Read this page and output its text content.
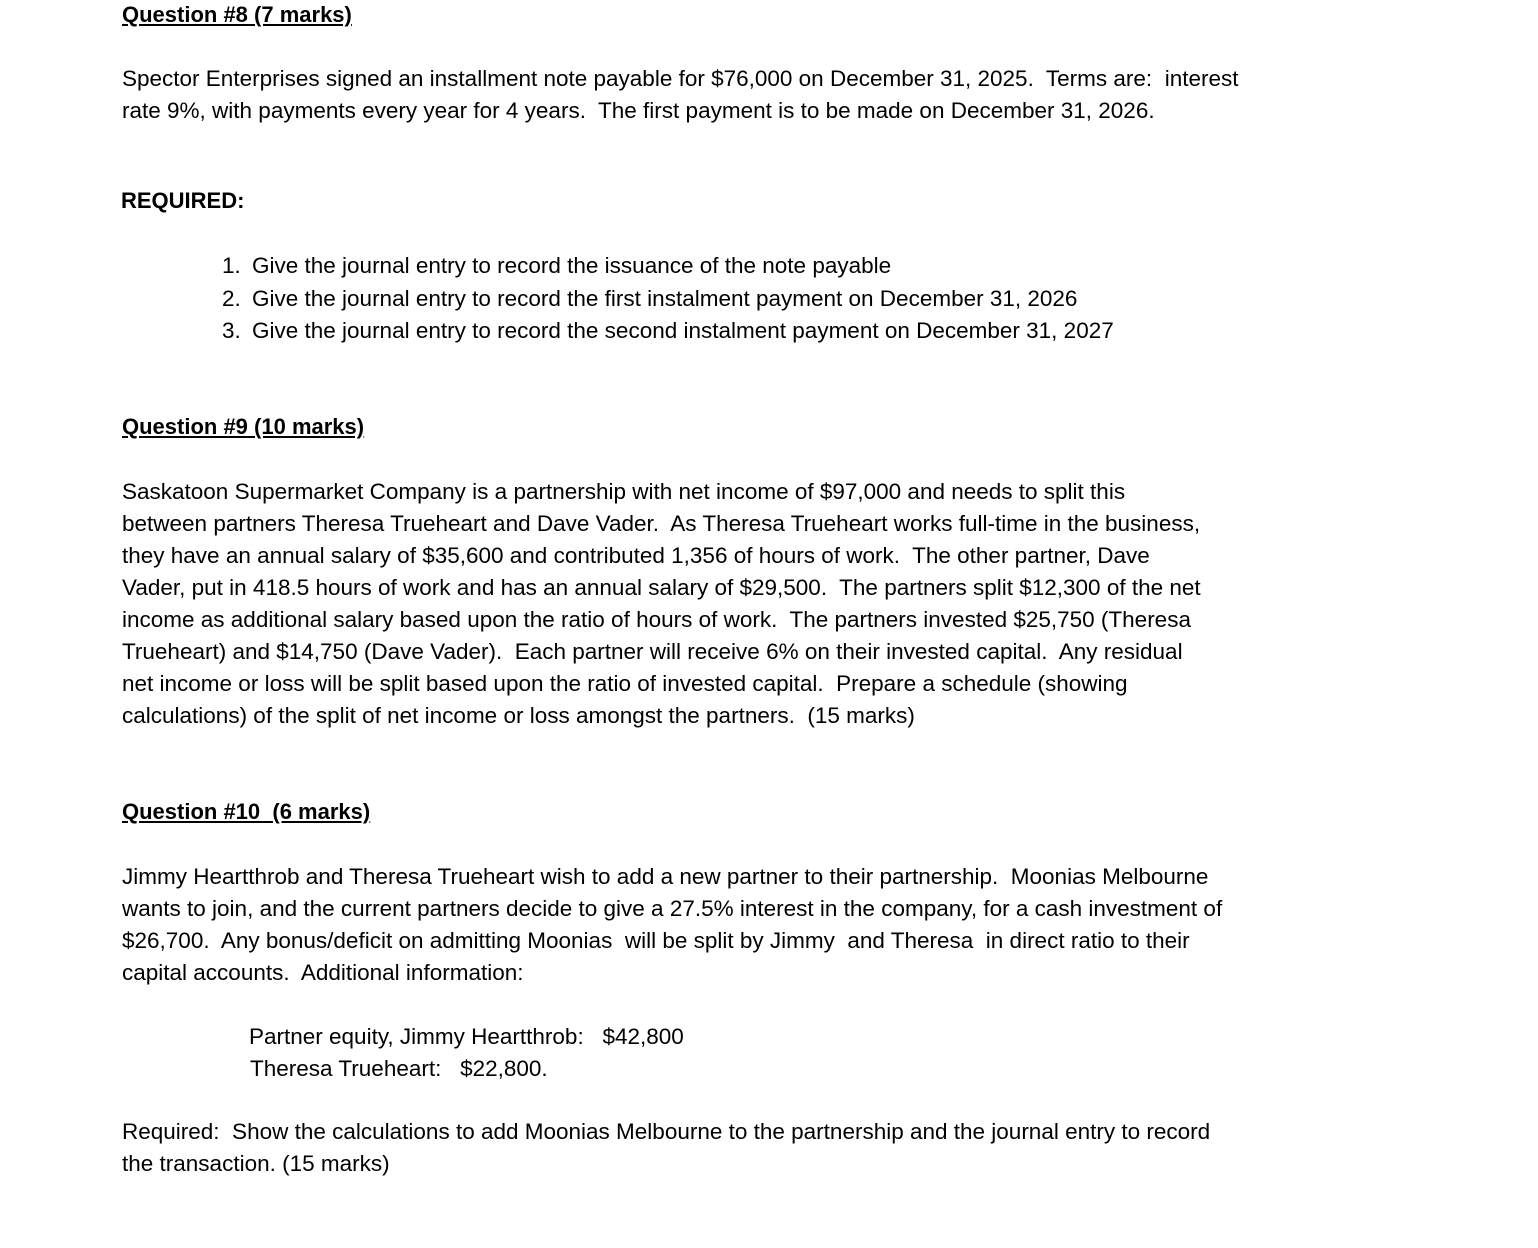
Question #8 (7 marks)
Spector Enterprises signed an installment note payable for $76,000 on December 31, 2025.  Terms are:  interest
rate 9%, with payments every year for 4 years.  The first payment is to be made on December 31, 2026.
REQUIRED:
1. Give the journal entry to record the issuance of the note payable
2. Give the journal entry to record the first instalment payment on December 31, 2026
3. Give the journal entry to record the second instalment payment on December 31, 2027
Question #9 (10 marks)
Saskatoon Supermarket Company is a partnership with net income of $97,000 and needs to split this
between partners Theresa Trueheart and Dave Vader.  As Theresa Trueheart works full-time in the business,
they have an annual salary of $35,600 and contributed 1,356 of hours of work.  The other partner, Dave
Vader, put in 418.5 hours of work and has an annual salary of $29,500.  The partners split $12,300 of the net
income as additional salary based upon the ratio of hours of work.  The partners invested $25,750 (Theresa
Trueheart) and $14,750 (Dave Vader).  Each partner will receive 6% on their invested capital.  Any residual
net income or loss will be split based upon the ratio of invested capital.  Prepare a schedule (showing
calculations) of the split of net income or loss amongst the partners.  (15 marks)
Question #10  (6 marks)
Jimmy Heartthrob and Theresa Trueheart wish to add a new partner to their partnership.  Moonias Melbourne
wants to join, and the current partners decide to give a 27.5% interest in the company, for a cash investment of
$26,700.  Any bonus/deficit on admitting Moonias  will be split by Jimmy  and Theresa  in direct ratio to their
capital accounts.  Additional information:
Partner equity, Jimmy Heartthrob:   $42,800
Theresa Trueheart:   $22,800.
Required:  Show the calculations to add Moonias Melbourne to the partnership and the journal entry to record
the transaction. (15 marks)
